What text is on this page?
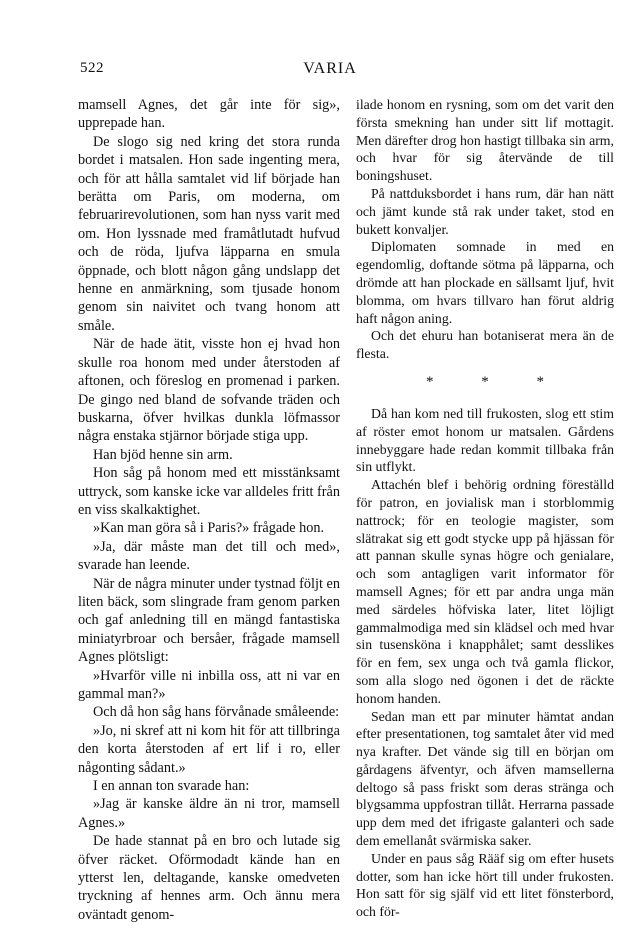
522	VARIA

mamsell Agnes, det går inte för sig», upprepade han.

De slogo sig ned kring det stora runda bordet i matsalen. Hon sade ingenting mera, och för att hålla samtalet vid lif började han berätta om Paris, om moderna, om februarirevolutionen, som han nyss varit med om. Hon lyssnade med framåtlutadt hufvud och de röda, ljufva läpparna en smula öppnade, och blott någon gång undslapp det henne en anmärkning, som tjusade honom genom sin naivitet och tvang honom att småle.

När de hade ätit, visste hon ej hvad hon skulle roa honom med under återstoden af aftonen, och föreslog en promenad i parken. De gingo ned bland de sofvande träden och buskarna, öfver hvilkas dunkla löfmassor några enstaka stjärnor började stiga upp.

Han bjöd henne sin arm.

Hon såg på honom med ett misstänksamt uttryck, som kanske icke var alldeles fritt från en viss skalkaktighet.

»Kan man göra så i Paris?» frågade hon.

»Ja, där måste man det till och med», svarade han leende.

När de några minuter under tystnad följt en liten bäck, som slingrade fram genom parken och gaf anledning till en mängd fantastiska miniatyrbroar och bersåer, frågade mamsell Agnes plötsligt:

»Hvarför ville ni inbilla oss, att ni var en gammal man?»

Och då hon såg hans förvånade småleende:

»Jo, ni skref att ni kom hit för att tillbringa den korta återstoden af ert lif i ro, eller någonting sådant.»

I en annan ton svarade han:

»Jag är kanske äldre än ni tror, mamsell Agnes.»

De hade stannat på en bro och lutade sig öfver räcket. Oförmodadt kände han en ytterst len, deltagande, kanske omedveten tryckning af hennes arm. Och ännu mera oväntadt genom-

ilade honom en rysning, som om det varit den första smekning han under sitt lif mottagit. Men därefter drog hon hastigt tillbaka sin arm, och hvar för sig återvände de till boningshuset.

På nattduksbordet i hans rum, där han nätt och jämt kunde stå rak under taket, stod en bukett konvaljer.

Diplomaten somnade in med en egendomlig, doftande sötma på läpparna, och drömde att han plockade en sällsamt ljuf, hvit blomma, om hvars tillvaro han förut aldrig haft någon aning.

Och det ehuru han botaniserat mera än de flesta.

* * *

Då han kom ned till frukosten, slog ett stim af röster emot honom ur matsalen. Gårdens innebyggare hade redan kommit tillbaka från sin utflykt.

Attachén blef i behörig ordning föreställd för patron, en jovialisk man i storblommig nattrock; för en teologie magister, som slätrakat sig ett godt stycke upp på hjässan för att pannan skulle synas högre och genialare, och som antagligen varit informator för mamsell Agnes; för ett par andra unga män med särdeles höfviska later, litet löjligt gammalmodiga med sin klädsel och med hvar sin tusensköna i knapphålet; samt desslikes för en fem, sex unga och två gamla flickor, som alla slogo ned ögonen i det de räckte honom handen.

Sedan man ett par minuter hämtat andan efter presentationen, tog samtalet åter vid med nya krafter. Det vände sig till en början om gårdagens äfventyr, och äfven mamsellerna deltogo så pass friskt som deras stränga och blygsamma uppfostran tillåt. Herrarna passade upp dem med det ifrigaste galanteri och sade dem emellanåt svärmiska saker.

Under en paus såg Rääf sig om efter husets dotter, som han icke hört till under frukosten. Hon satt för sig själf vid ett litet fönsterbord, och för-
